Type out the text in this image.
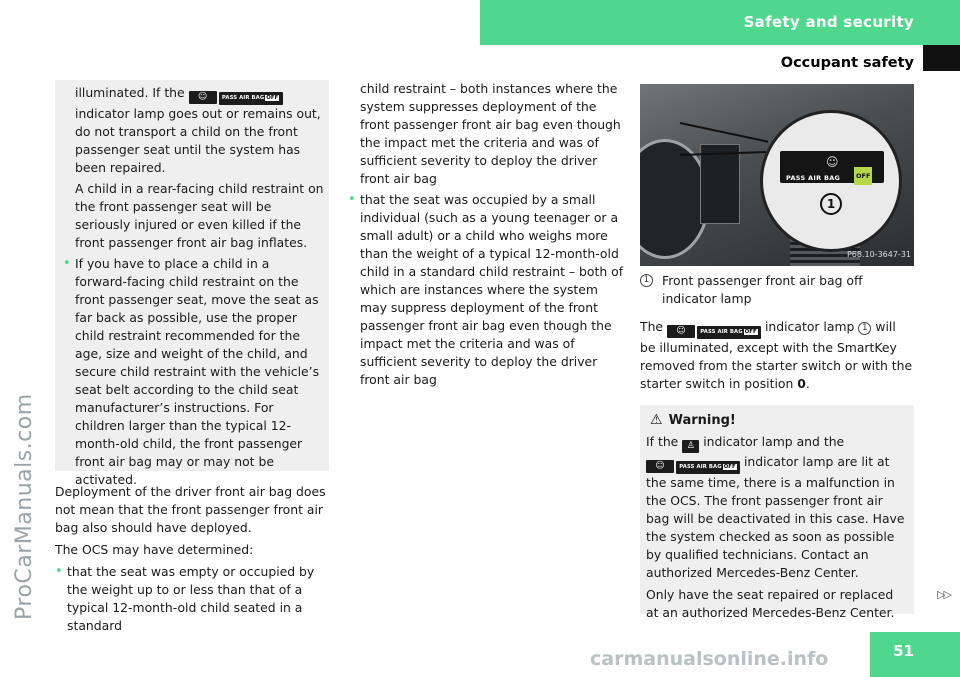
Safety and security
Occupant safety
ProCarManuals.com

illuminated. If the ☺	PASS AIR BAG OFF indicator lamp goes out or remains out, do not transport a child on the front passenger seat until the system has been repaired.

A child in a rear-facing child restraint on the front passenger seat will be seriously injured or even killed if the front passenger front air bag inflates.

• If you have to place a child in a forward-facing child restraint on the front passenger seat, move the seat as far back as possible, use the proper child restraint recommended for the age, size and weight of the child, and secure child restraint with the vehicle’s seat belt according to the child seat manufacturer’s instructions. For children larger than the typical 12-month-old child, the front passenger front air bag may or may not be activated.

Deployment of the driver front air bag does not mean that the front passenger front air bag also should have deployed.

The OCS may have determined:

• that the seat was empty or occupied by the weight up to or less than that of a typical 12-month-old child seated in a standard
child restraint – both instances where the system suppresses deployment of the front passenger front air bag even though the impact met the criteria and was of sufficient severity to deploy the driver front air bag
• that the seat was occupied by a small individual (such as a young teenager or a small adult) or a child who weighs more than the weight of a typical 12-month-old child in a standard child restraint – both of which are instances where the system may suppress deployment of the front passenger front air bag even though the impact met the criteria and was of sufficient severity to deploy the driver front air bag
☺
PASS AIR BAG	OFF
1
P68.10-3647-31
1	Front passenger front air bag off indicator lamp

The ☺	PASS AIR BAG OFF indicator lamp 1 will be illuminated, except with the SmartKey removed from the starter switch or with the starter switch in position 0.

⚠ Warning!

If the ♙ indicator lamp and the
☺	PASS AIR BAG OFF indicator lamp are lit at the same time, there is a malfunction in the OCS. The front passenger front air bag will be deactivated in this case. Have the system checked as soon as possible by qualified technicians. Contact an authorized Mercedes-Benz Center.

Only have the seat repaired or replaced at an authorized Mercedes-Benz Center.

▷▷
51
carmanualsonline.info
